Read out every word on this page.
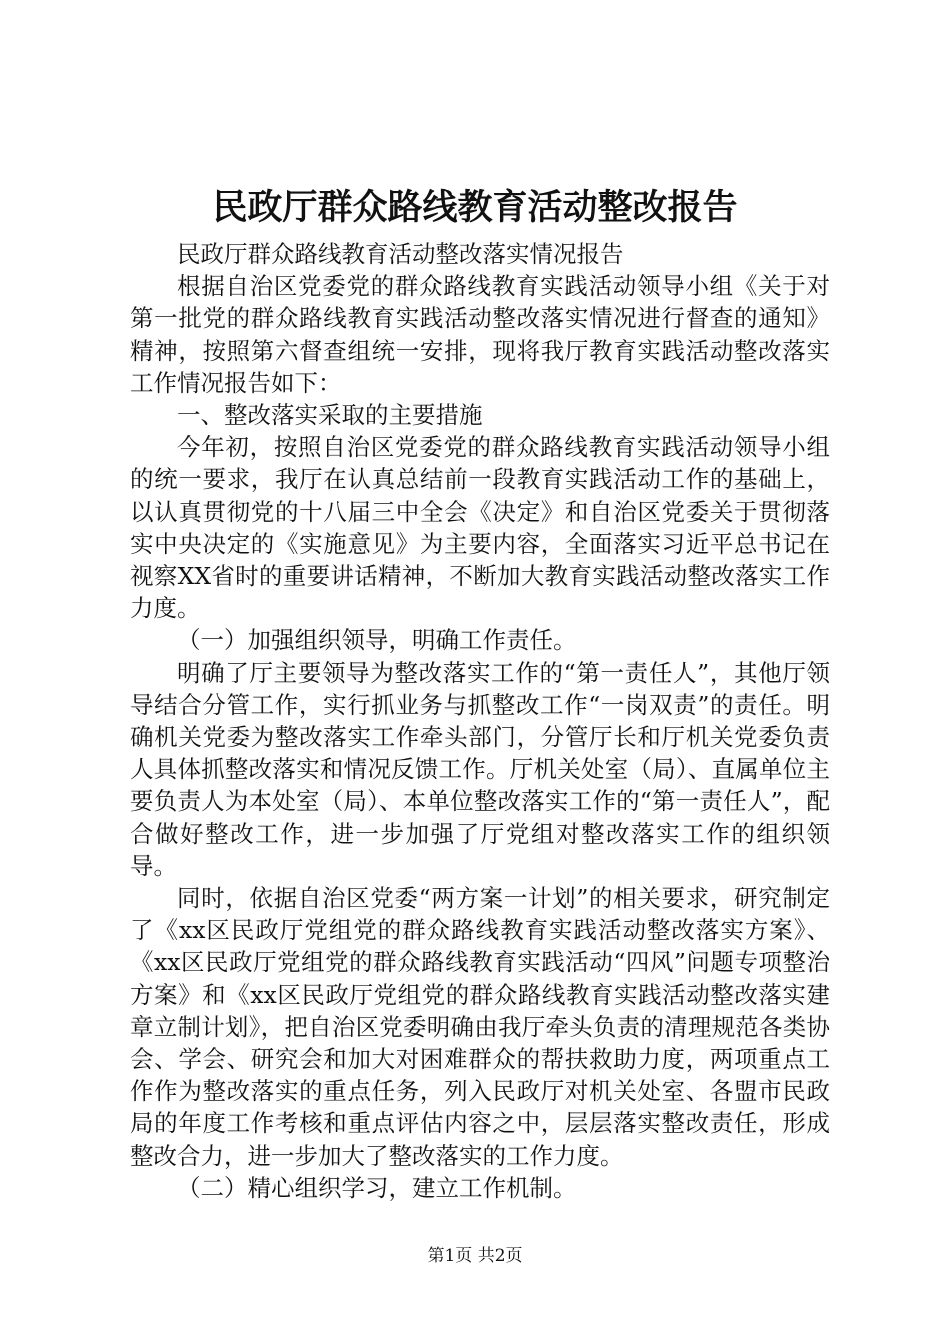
民政厅群众路线教育活动整改报告

民政厅群众路线教育活动整改落实情况报告

根据自治区党委党的群众路线教育实践活动领导小组《关于对第一批党的群众路线教育实践活动整改落实情况进行督查的通知》精神，按照第六督查组统一安排，现将我厅教育实践活动整改落实工作情况报告如下：

一、整改落实采取的主要措施

今年初，按照自治区党委党的群众路线教育实践活动领导小组的统一要求，我厅在认真总结前一段教育实践活动工作的基础上，以认真贯彻党的十八届三中全会《决定》和自治区党委关于贯彻落实中央决定的《实施意见》为主要内容，全面落实习近平总书记在视察XX省时的重要讲话精神，不断加大教育实践活动整改落实工作力度。

（一）加强组织领导，明确工作责任。

明确了厅主要领导为整改落实工作的“第一责任人”，其他厅领导结合分管工作，实行抓业务与抓整改工作“一岗双责”的责任。明确机关党委为整改落实工作牵头部门，分管厅长和厅机关党委负责人具体抓整改落实和情况反馈工作。厅机关处室（局）、直属单位主要负责人为本处室（局）、本单位整改落实工作的“第一责任人”，配合做好整改工作，进一步加强了厅党组对整改落实工作的组织领导。

同时，依据自治区党委“两方案一计划”的相关要求，研究制定了《xx区民政厅党组党的群众路线教育实践活动整改落实方案》、《xx区民政厅党组党的群众路线教育实践活动“四风”问题专项整治方案》和《xx区民政厅党组党的群众路线教育实践活动整改落实建章立制计划》，把自治区党委明确由我厅牵头负责的清理规范各类协会、学会、研究会和加大对困难群众的帮扶救助力度，两项重点工作作为整改落实的重点任务，列入民政厅对机关处室、各盟市民政局的年度工作考核和重点评估内容之中，层层落实整改责任，形成整改合力，进一步加大了整改落实的工作力度。

（二）精心组织学习，建立工作机制。

第1页 共2页
